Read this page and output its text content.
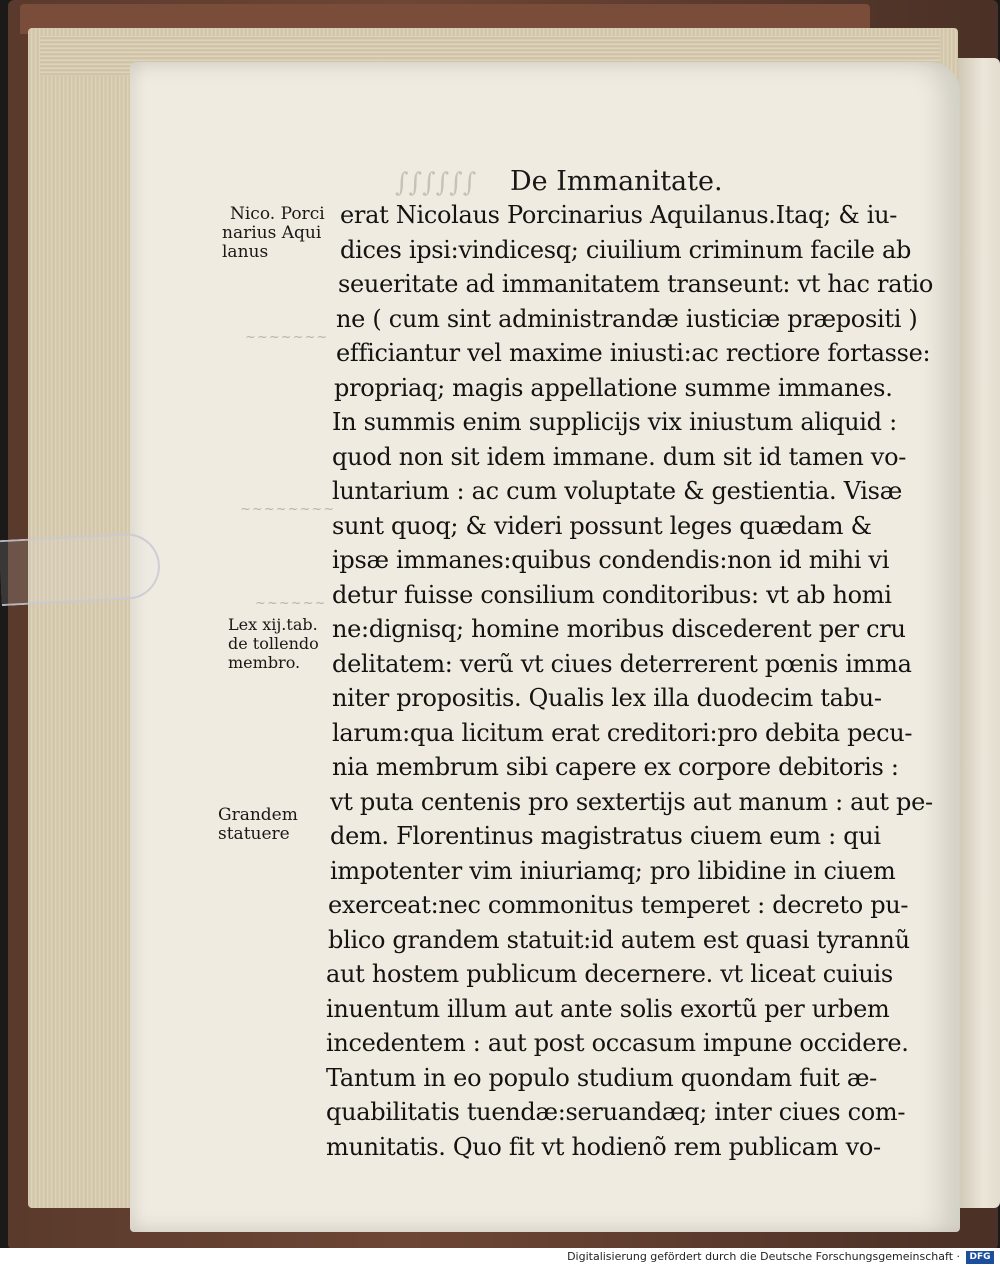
∫∫∫∫∫∫ De Immanitate.
Nico. Porci
narius Aqui
lanus
Lex xij.tab.
de tollendo
membro.
Grandem
statuere
~~~~~~~
~~~~~~~~
~~~~~~
erat Nicolaus Porcinarius Aquilanus.Itaq; & iu-
dices ipsi:vindicesq; ciuilium criminum facile ab
seueritate ad immanitatem transeunt: vt hac ratio
ne ( cum sint administrandæ iusticiæ præpositi )
efficiantur vel maxime iniusti:ac rectiore fortasse:
propriaq; magis appellatione summe immanes.
In summis enim supplicijs vix iniustum aliquid :
quod non sit idem immane. dum sit id tamen vo-
luntarium : ac cum voluptate & gestientia. Visæ
sunt quoq; & videri possunt leges quædam &
ipsæ immanes:quibus condendis:non id mihi vi
detur fuisse consilium conditoribus: vt ab homi
ne:dignisq; homine moribus discederent per cru
delitatem: verũ vt ciues deterrerent pœnis imma
niter propositis. Qualis lex illa duodecim tabu-
larum:qua licitum erat creditori:pro debita pecu-
nia membrum sibi capere ex corpore debitoris :
vt puta centenis pro sextertijs aut manum : aut pe-
dem. Florentinus magistratus ciuem eum : qui
impotenter vim iniuriamq; pro libidine in ciuem
exerceat:nec commonitus temperet : decreto pu-
blico grandem statuit:id autem est quasi tyrannũ
aut hostem publicum decernere. vt liceat cuiuis
inuentum illum aut ante solis exortũ per urbem
incedentem : aut post occasum impune occidere.
Tantum in eo populo studium quondam fuit æ-
quabilitatis tuendæ:seruandæq; inter ciues com-
munitatis. Quo fit vt hodienõ rem publicam vo-
Digitalisierung gefördert durch die Deutsche Forschungsgemeinschaft ·	DFG
